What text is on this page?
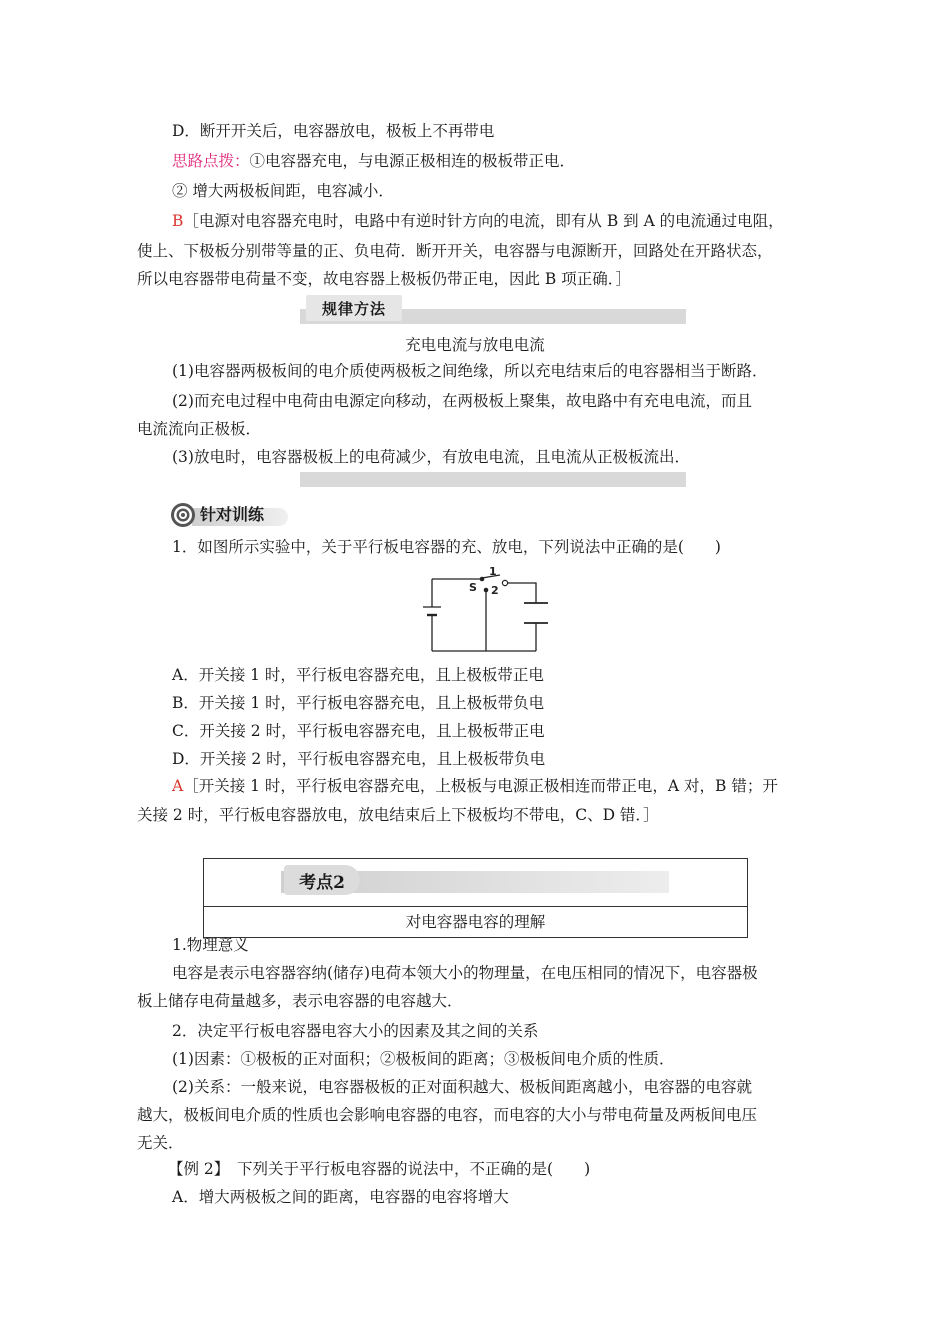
D．断开开关后，电容器放电，极板上不再带电
思路点拨：①电容器充电，与电源正极相连的极板带正电．
② 增大两极板间距，电容减小．
B［电源对电容器充电时，电路中有逆时针方向的电流，即有从 B 到 A 的电流通过电阻，
使上、下极板分别带等量的正、负电荷．断开开关，电容器与电源断开，回路处在开路状态，
所以电容器带电荷量不变，故电容器上极板仍带正电，因此 B 项正确．］
规律方法
充电电流与放电电流
(1)电容器两极板间的电介质使两极板之间绝缘，所以充电结束后的电容器相当于断路．
(2)而充电过程中电荷由电源定向移动，在两极板上聚集，故电路中有充电电流，而且
电流流向正极板．
(3)放电时，电容器极板上的电荷减少，有放电电流，且电流从正极板流出．
针对训练
1．如图所示实验中，关于平行板电容器的充、放电，下列说法中正确的是(　　)
S
1
2
A．开关接 1 时，平行板电容器充电，且上极板带正电
B．开关接 1 时，平行板电容器充电，且上极板带负电
C．开关接 2 时，平行板电容器充电，且上极板带正电
D．开关接 2 时，平行板电容器充电，且上极板带负电
A［开关接 1 时，平行板电容器充电，上极板与电源正极相连而带正电，A 对，B 错；开
关接 2 时，平行板电容器放电，放电结束后上下极板均不带电，C、D 错．］
考点2
对电容器电容的理解
1.物理意义
电容是表示电容器容纳(储存)电荷本领大小的物理量，在电压相同的情况下，电容器极
板上储存电荷量越多，表示电容器的电容越大．
2．决定平行板电容器电容大小的因素及其之间的关系
(1)因素：①极板的正对面积；②极板间的距离；③极板间电介质的性质．
(2)关系：一般来说，电容器极板的正对面积越大、极板间距离越小，电容器的电容就
越大，极板间电介质的性质也会影响电容器的电容，而电容的大小与带电荷量及两板间电压
无关．
【例 2】　下列关于平行板电容器的说法中，不正确的是(　　)
A．增大两极板之间的距离，电容器的电容将增大
